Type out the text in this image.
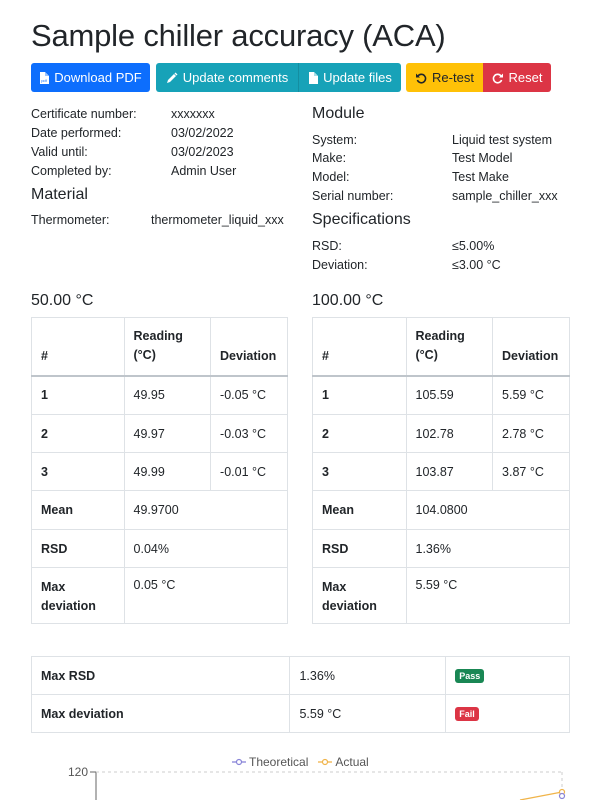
Sample chiller accuracy (ACA)
pdf Download PDF	Update comments	Update files	Re-test	Reset
Certificate number:	xxxxxxx
Date performed:	03/02/2022
Valid until:	03/02/2023
Completed by:	Admin User
Material
Thermometer:	thermometer_liquid_xxx
Module
System:	Liquid test system
Make:	Test Model
Model:	Test Make
Serial number:	sample_chiller_xxx
Specifications
RSD:	≤5.00%
Deviation:	≤3.00 °C
50.00 °C
#	Reading (°C)	Deviation
1	49.95	-0.05 °C
2	49.97	-0.03 °C
3	49.99	-0.01 °C
Mean	49.9700	
RSD	0.04%	
Max deviation	0.05 °C	
100.00 °C
#	Reading (°C)	Deviation
1	105.59	5.59 °C
2	102.78	2.78 °C
3	103.87	3.87 °C
Mean	104.0800	
RSD	1.36%	
Max deviation	5.59 °C	
Max RSD	1.36%	Pass
Max deviation	5.59 °C	Fail
Theoretical Actual
120
